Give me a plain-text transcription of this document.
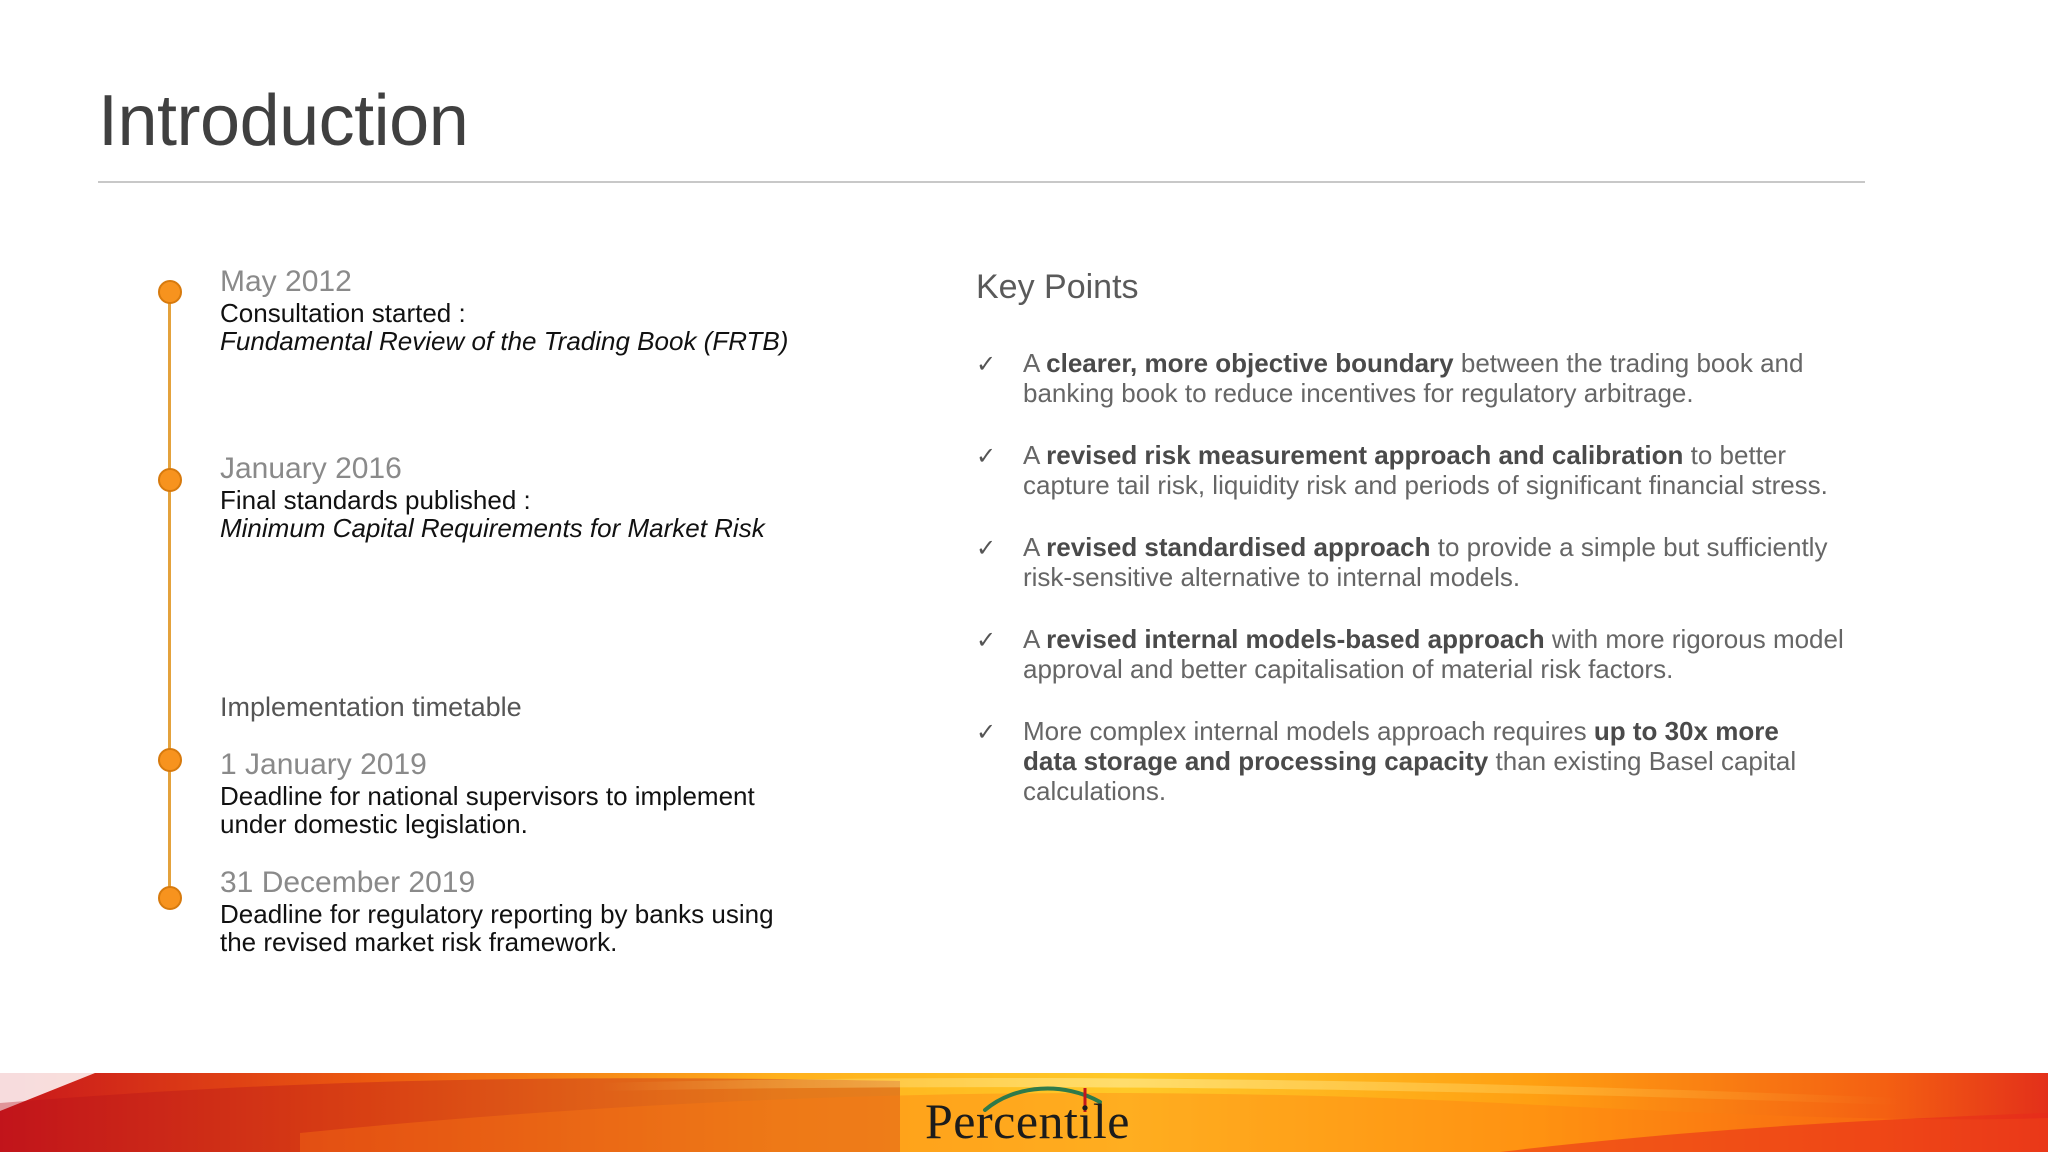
Introduction
May 2012
Consultation started :
Fundamental Review of the Trading Book (FRTB)
January 2016
Final standards published :
Minimum Capital Requirements for Market Risk
Implementation timetable
1 January 2019
Deadline for national supervisors to implement
under domestic legislation.
31 December 2019
Deadline for regulatory reporting by banks using
the revised market risk framework.
Key Points
✓ A clearer, more objective boundary between the trading book and
banking book to reduce incentives for regulatory arbitrage.
✓ A revised risk measurement approach and calibration to better
capture tail risk, liquidity risk and periods of significant financial stress.
✓ A revised standardised approach to provide a simple but sufficiently
risk-sensitive alternative to internal models.
✓ A revised internal models-based approach with more rigorous model
approval and better capitalisation of material risk factors.
✓ More complex internal models approach requires up to 30x more
data storage and processing capacity than existing Basel capital
calculations.
Percentile
